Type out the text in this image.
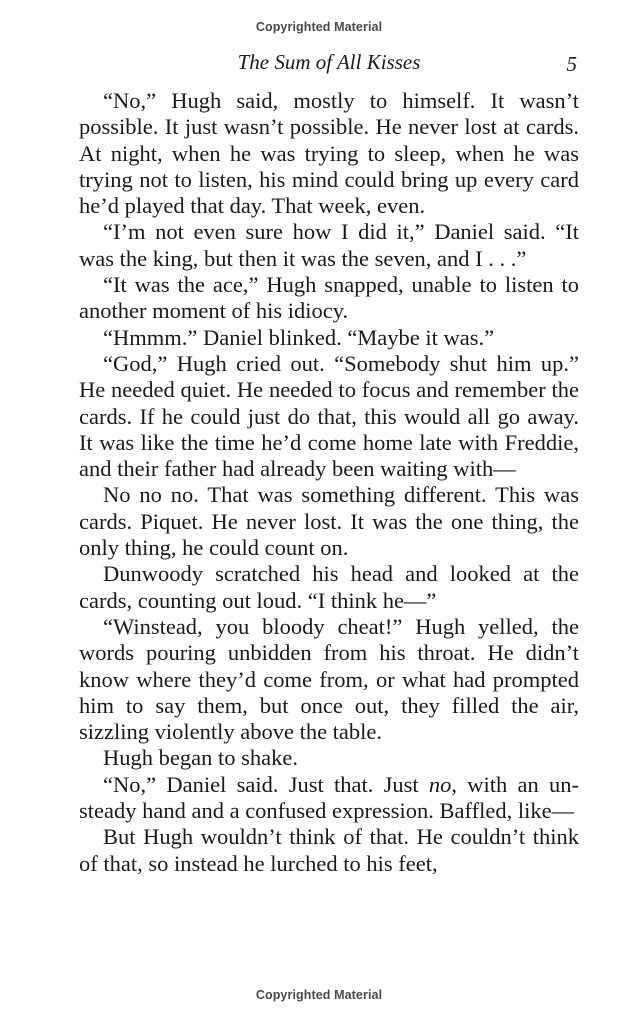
Copyrighted Material
The Sum of All Kisses	5

“No,” Hugh said, mostly to himself. It wasn’t possible. It just wasn’t possible. He never lost at cards. At night, when he was trying to sleep, when he was trying not to listen, his mind could bring up every card he’d played that day. That week, even.

“I’m not even sure how I did it,” Daniel said. “It was the king, but then it was the seven, and I . . .”

“It was the ace,” Hugh snapped, unable to listen to another moment of his idiocy.

“Hmmm.” Daniel blinked. “Maybe it was.”

“God,” Hugh cried out. “Somebody shut him up.” He needed quiet. He needed to focus and remember the cards. If he could just do that, this would all go away. It was like the time he’d come home late with Freddie, and their father had already been waiting with—

No no no. That was something different. This was cards. Piquet. He never lost. It was the one thing, the only thing, he could count on.

Dunwoody scratched his head and looked at the cards, counting out loud. “I think he—”

“Winstead, you bloody cheat!” Hugh yelled, the words pouring unbidden from his throat. He didn’t know where they’d come from, or what had prompted him to say them, but once out, they filled the air, sizzling violently above the table.

Hugh began to shake.

“No,” Daniel said. Just that. Just no, with an unsteady hand and a confused expression. Baffled, like—

But Hugh wouldn’t think of that. He couldn’t think of that, so instead he lurched to his feet,

Copyrighted Material
